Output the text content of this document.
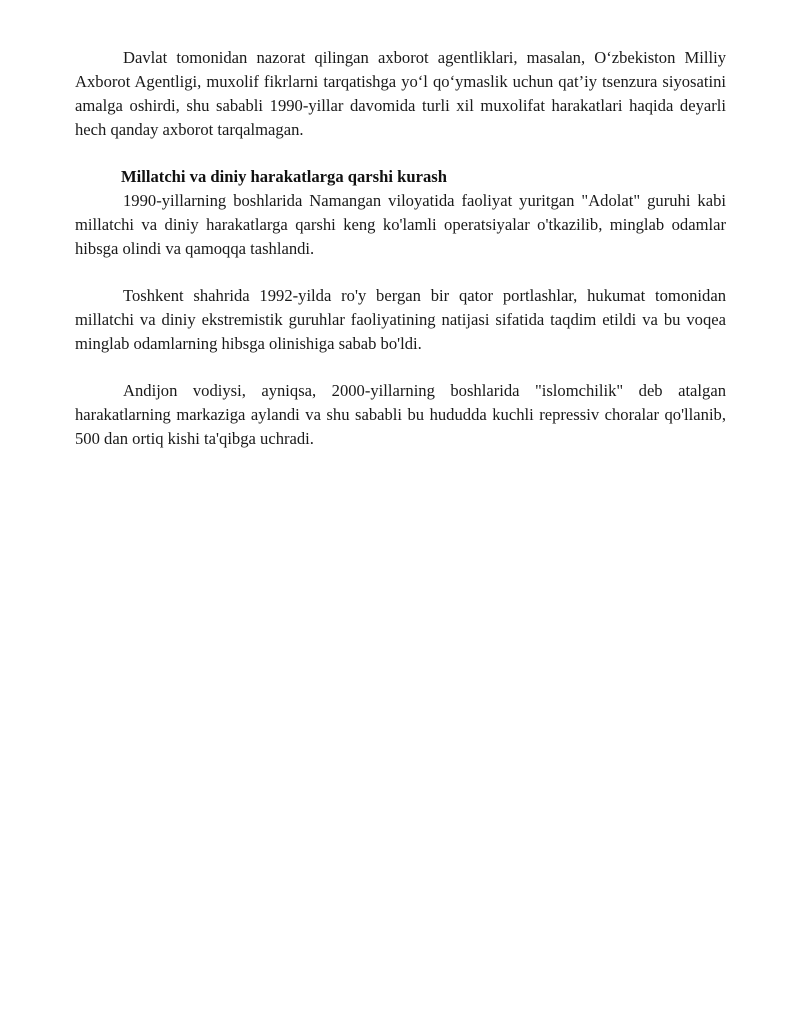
Davlat tomonidan nazorat qilingan axborot agentliklari, masalan, O‘zbekiston Milliy Axborot Agentligi, muxolif fikrlarni tarqatishga yo‘l qo‘ymaslik uchun qat’iy tsenzura siyosatini amalga oshirdi, shu sababli 1990-yillar davomida turli xil muxolifat harakatlari haqida deyarli hech qanday axborot tarqalmagan.

Millatchi va diniy harakatlarga qarshi kurash

1990-yillarning boshlarida Namangan viloyatida faoliyat yuritgan "Adolat" guruhi kabi millatchi va diniy harakatlarga qarshi keng ko'lamli operatsiyalar o'tkazilib, minglab odamlar hibsga olindi va qamoqqa tashlandi.

Toshkent shahrida 1992-yilda ro'y bergan bir qator portlashlar, hukumat tomonidan millatchi va diniy ekstremistik guruhlar faoliyatining natijasi sifatida taqdim etildi va bu voqea minglab odamlarning hibsga olinishiga sabab bo'ldi.

Andijon vodiysi, ayniqsa, 2000-yillarning boshlarida "islomchilik" deb atalgan harakatlarning markaziga aylandi va shu sababli bu hududda kuchli repressiv choralar qo'llanib, 500 dan ortiq kishi ta'qibga uchradi.
